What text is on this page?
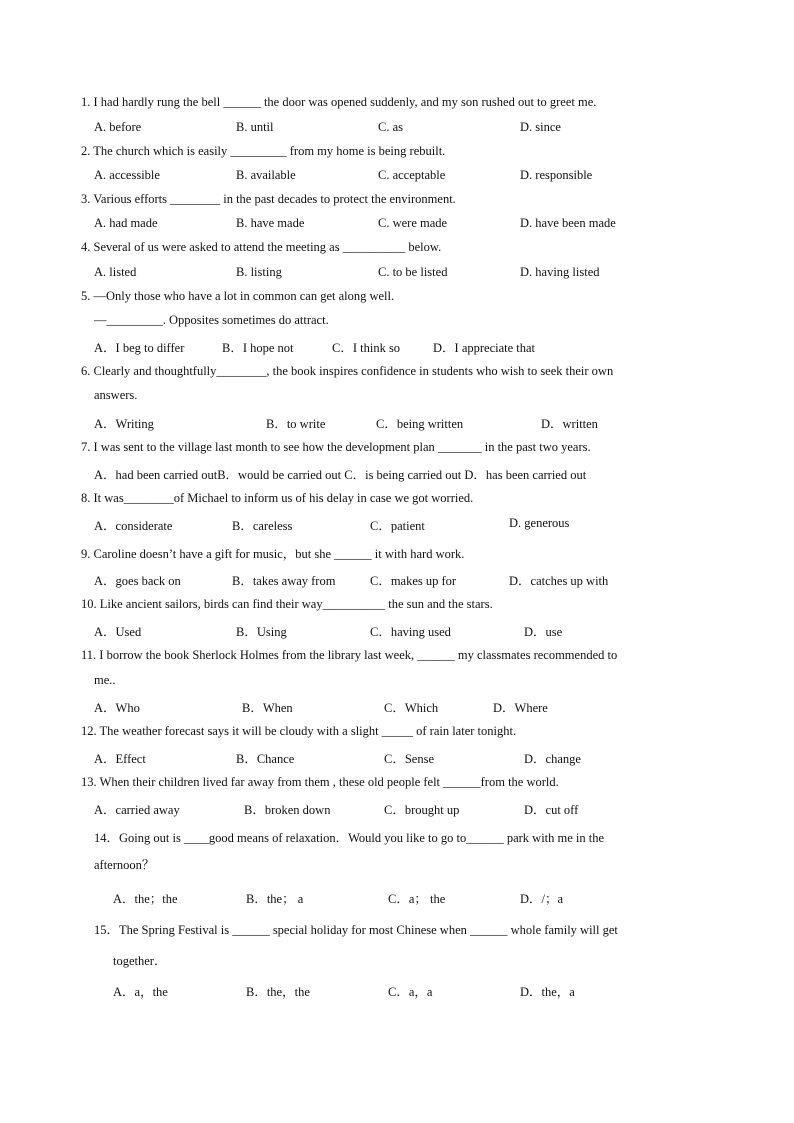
1. I had hardly rung the bell ______ the door was opened suddenly, and my son rushed out to greet me.
A. before	B. until	C. as	D. since
2. The church which is easily _________ from my home is being rebuilt.
A. accessible	B. available	C. acceptable	D. responsible
3. Various efforts ________ in the past decades to protect the environment.
A. had made	B. have made	C. were made	D. have been made
4. Several of us were asked to attend the meeting as __________ below.
A. listed	B. listing	C. to be listed	D. having listed
5. —Only those who have a lot in common can get along well.
—_________. Opposites sometimes do attract.
A．I beg to differ	B．I hope not	C．I think so	D．I appreciate that
6. Clearly and thoughtfully________, the book inspires confidence in students who wish to seek their own
answers.
A．Writing	B．to write	C．being written	D．written
7. I was sent to the village last month to see how the development plan _______ in the past two years.
A．had been carried outB．would be carried out C．is being carried out D．has been carried out
8. It was________of Michael to inform us of his delay in case we got worried.
A．considerate	B．careless	C．patient	D. generous
9. Caroline doesn’t have a gift for music，but she ______ it with hard work.
A．goes back on	B．takes away from	C．makes up for	D．catches up with
10. Like ancient sailors, birds can find their way__________ the sun and the stars.
A．Used	B．Using	C．having used	D．use
11. I borrow the book Sherlock Holmes from the library last week, ______ my classmates recommended to
me..
A．Who	B．When	C．Which	D．Where
12. The weather forecast says it will be cloudy with a slight _____ of rain later tonight.
A．Effect	B．Chance	C．Sense	D．change
13. When their children lived far away from them , these old people felt ______from the world.
A．carried away	B．broken down	C．brought up	D．cut off
14．Going out is ____good means of relaxation．Would you like to go to______ park with me in the
afternoon？
A．the；the	B．the； a	C．a； the	D．/；a
15．The Spring Festival is ______ special holiday for most Chinese when ______ whole family will get
together．
A．a，the	B．the，the	C．a，a	D．the，a
